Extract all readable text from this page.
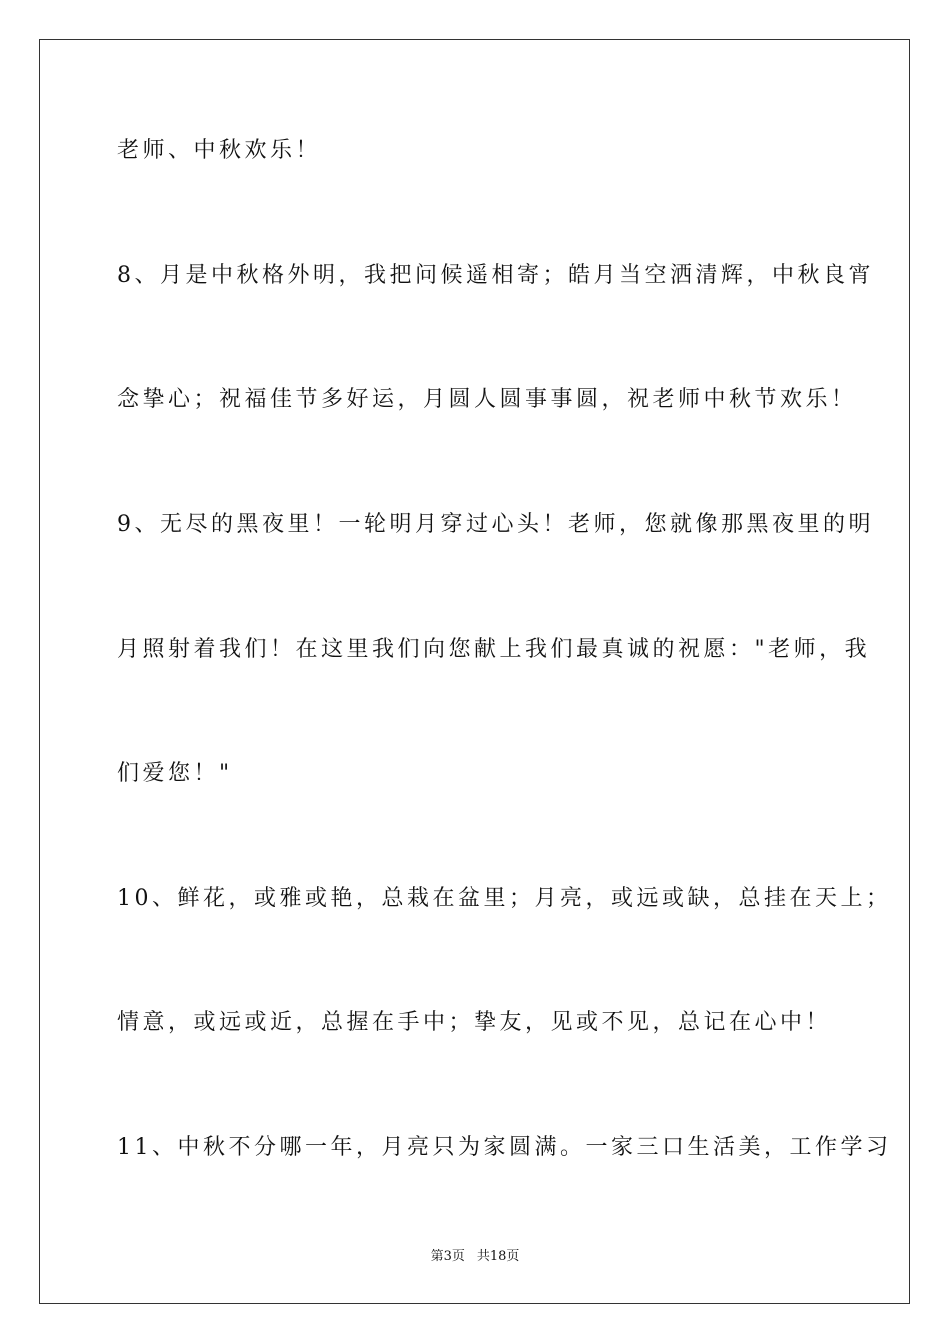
老师、中秋欢乐！
8、月是中秋格外明，我把问候遥相寄；皓月当空洒清辉，中秋良宵
念挚心；祝福佳节多好运，月圆人圆事事圆，祝老师中秋节欢乐！
9、无尽的黑夜里！一轮明月穿过心头！老师，您就像那黑夜里的明
月照射着我们！在这里我们向您献上我们最真诚的祝愿："老师，我
们爱您！"
10、鲜花，或雅或艳，总栽在盆里；月亮，或远或缺，总挂在天上；
情意，或远或近，总握在手中；挚友，见或不见，总记在心中！
11、中秋不分哪一年，月亮只为家圆满。一家三口生活美，工作学习
第3页 共18页
